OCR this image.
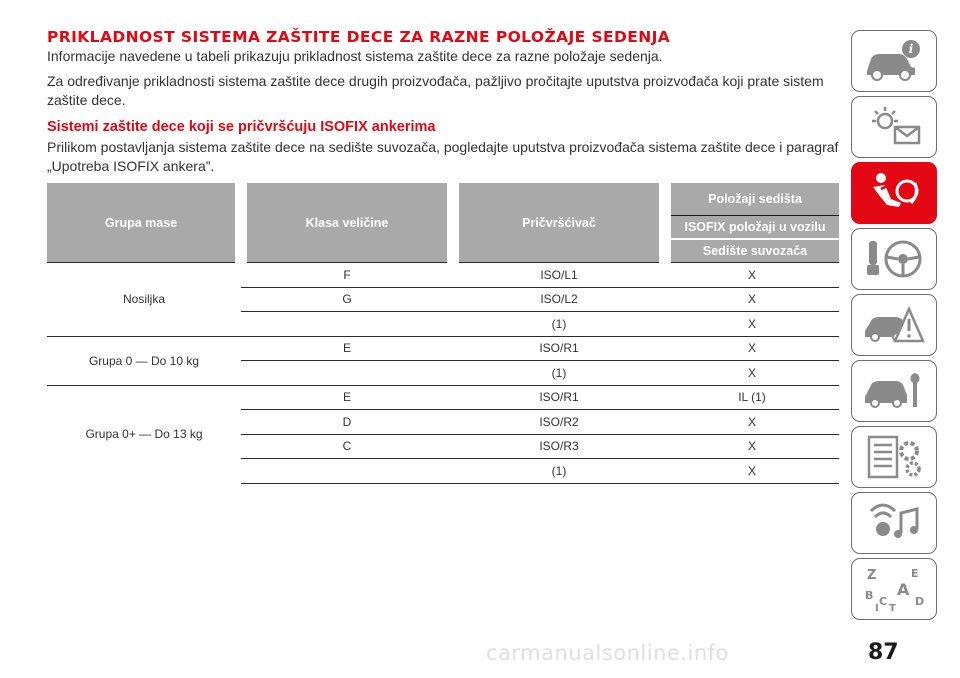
PRIKLADNOST SISTEMA ZAŠTITE DECE ZA RAZNE POLOŽAJE SEDENJA

Informacije navedene u tabeli prikazuju prikladnost sistema zaštite dece za razne položaje sedenja.

Za određivanje prikladnosti sistema zaštite dece drugih proizvođača, pažljivo pročitajte uputstva proizvođača koji prate sistem zaštite dece.

Sistemi zaštite dece koji se pričvršćuju ISOFIX ankerima

Prilikom postavljanja sistema zaštite dece na sedište suvozača, pogledajte uputstva proizvođača sistema zaštite dece i paragraf „Upotreba ISOFIX ankera”.

Grupa mase	Klasa veličine	Pričvršćivač	Položaji sedišta
			ISOFIX položaji u vozilu
			Sedište suvozača
Nosiljka	F	ISO/L1	X
	G	ISO/L2	X
		(1)	X
Grupa 0 — Do 10 kg	E	ISO/R1	X
		(1)	X
Grupa 0+ — Do 13 kg	E	ISO/R1	IL (1)
	D	ISO/R2	X
	C	ISO/R3	X
		(1)	X
i
Z	E
B A
C	D
T
I
87
carmanualsonline.info
